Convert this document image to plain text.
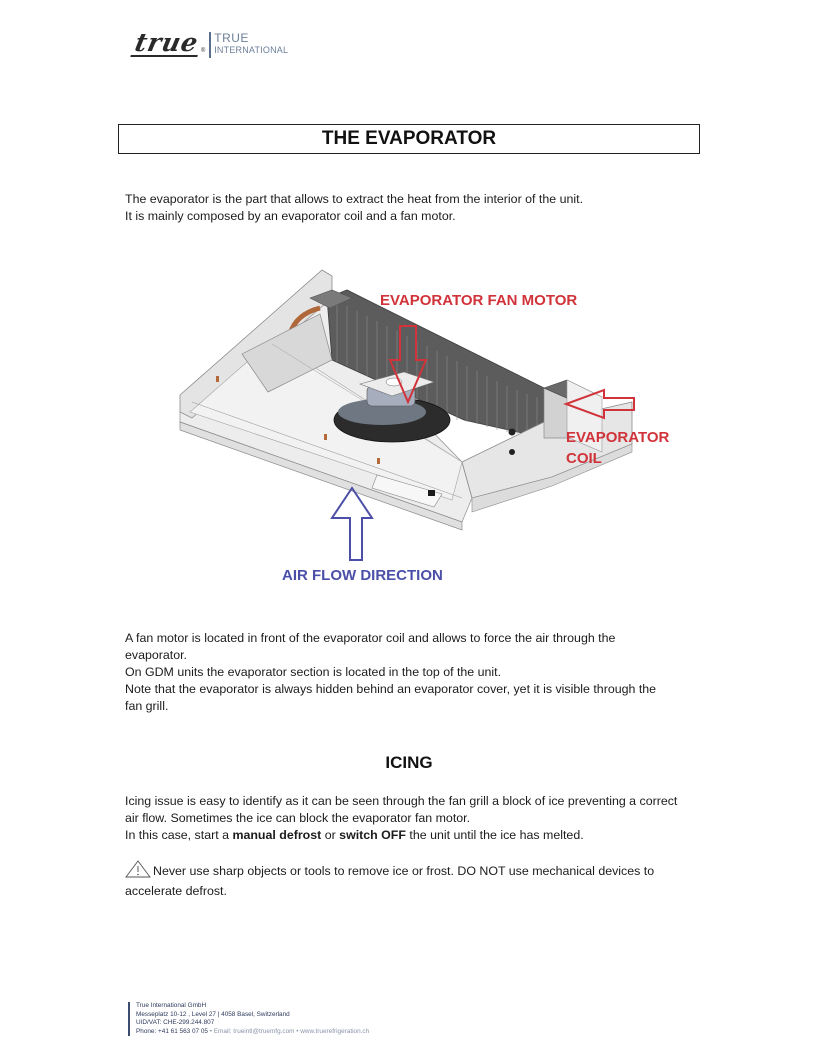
true ®
TRUE
INTERNATIONAL
THE EVAPORATOR
The evaporator is the part that allows to extract the heat from the interior of the unit.
It is mainly composed by an evaporator coil and a fan motor.
EVAPORATOR FAN MOTOR
EVAPORATOR
COIL
AIR FLOW DIRECTION
A fan motor is located in front of the evaporator coil and allows to force the air through the
evaporator.
On GDM units the evaporator section is located in the top of the unit.
Note that the evaporator is always hidden behind an evaporator cover, yet it is visible through the
fan grill.
ICING
Icing issue is easy to identify as it can be seen through the fan grill a block of ice preventing a correct
air flow. Sometimes the ice can block the evaporator fan motor.
In this case, start a manual defrost or switch OFF the unit until the ice has melted.
Never use sharp objects or tools to remove ice or frost. DO NOT use mechanical devices to
accelerate defrost.
True International GmbH
Messeplatz 10-12 , Level 27 | 4058 Basel, Switzerland
UID/VAT: CHE-299.244.807
Phone: +41 61 563 07 05 • Email: trueintl@truemfg.com • www.truerefrigeration.ch
